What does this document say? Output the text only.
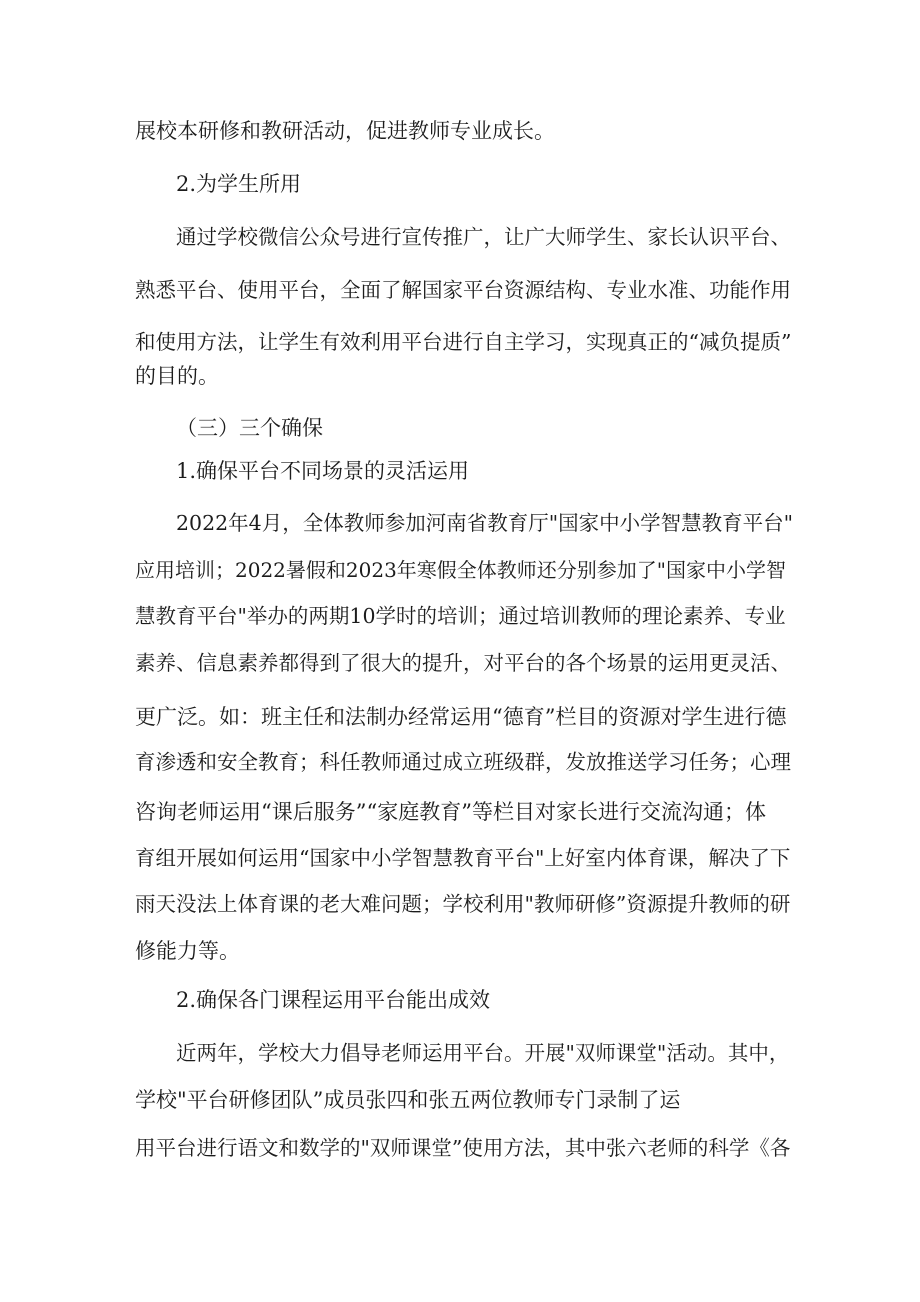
展校本研修和教研活动，促进教师专业成长。
2.为学生所用
通过学校微信公众号进行宣传推广，让广大师学生、家长认识平台、
熟悉平台、使用平台，全面了解国家平台资源结构、专业水准、功能作用
和使用方法，让学生有效利用平台进行自主学习，实现真正的“减负提质”
的目的。
（三）三个确保
1.确保平台不同场景的灵活运用
2022年4月，全体教师参加河南省教育厅"国家中小学智慧教育平台"
应用培训；2022暑假和2023年寒假全体教师还分别参加了"国家中小学智
慧教育平台"举办的两期10学时的培训；通过培训教师的理论素养、专业
素养、信息素养都得到了很大的提升，对平台的各个场景的运用更灵活、
更广泛。如：班主任和法制办经常运用“德育”栏目的资源对学生进行德
育渗透和安全教育；科任教师通过成立班级群，发放推送学习任务；心理
咨询老师运用“课后服务”“家庭教育”等栏目对家长进行交流沟通；体
育组开展如何运用“国家中小学智慧教育平台"上好室内体育课，解决了下
雨天没法上体育课的老大难问题；学校利用"教师研修”资源提升教师的研
修能力等。
2.确保各门课程运用平台能出成效
近两年，学校大力倡导老师运用平台。开展"双师课堂"活动。其中，
学校"平台研修团队”成员张四和张五两位教师专门录制了运
用平台进行语文和数学的"双师课堂”使用方法，其中张六老师的科学《各
